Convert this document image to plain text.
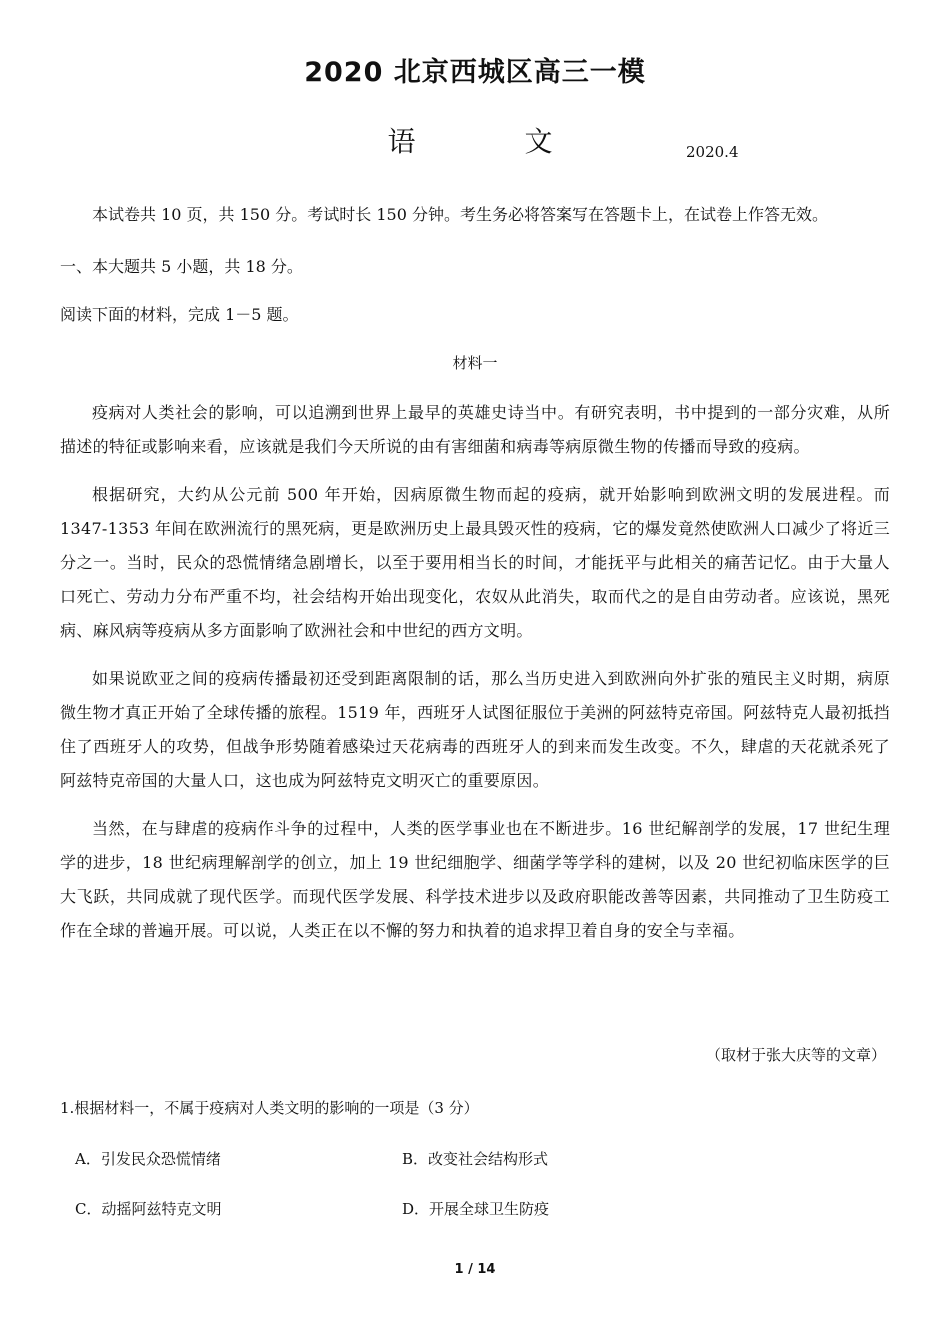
2020 北京西城区高三一模
语 文	2020.4
本试卷共 10 页，共 150 分。考试时长 150 分钟。考生务必将答案写在答题卡上，在试卷上作答无效。
一、本大题共 5 小题，共 18 分。
阅读下面的材料，完成 1－5 题。
材料一

疫病对人类社会的影响，可以追溯到世界上最早的英雄史诗当中。有研究表明，书中提到的一部分灾难，从所描述的特征或影响来看，应该就是我们今天所说的由有害细菌和病毒等病原微生物的传播而导致的疫病。

根据研究，大约从公元前 500 年开始，因病原微生物而起的疫病，就开始影响到欧洲文明的发展进程。而 1347-1353 年间在欧洲流行的黑死病，更是欧洲历史上最具毁灭性的疫病，它的爆发竟然使欧洲人口减少了将近三分之一。当时，民众的恐慌情绪急剧增长，以至于要用相当长的时间，才能抚平与此相关的痛苦记忆。由于大量人口死亡、劳动力分布严重不均，社会结构开始出现变化，农奴从此消失，取而代之的是自由劳动者。应该说，黑死病、麻风病等疫病从多方面影响了欧洲社会和中世纪的西方文明。

如果说欧亚之间的疫病传播最初还受到距离限制的话，那么当历史进入到欧洲向外扩张的殖民主义时期，病原微生物才真正开始了全球传播的旅程。1519 年，西班牙人试图征服位于美洲的阿兹特克帝国。阿兹特克人最初抵挡住了西班牙人的攻势，但战争形势随着感染过天花病毒的西班牙人的到来而发生改变。不久，肆虐的天花就杀死了阿兹特克帝国的大量人口，这也成为阿兹特克文明灭亡的重要原因。

当然，在与肆虐的疫病作斗争的过程中，人类的医学事业也在不断进步。16 世纪解剖学的发展，17 世纪生理学的进步，18 世纪病理解剖学的创立，加上 19 世纪细胞学、细菌学等学科的建树，以及 20 世纪初临床医学的巨大飞跃，共同成就了现代医学。而现代医学发展、科学技术进步以及政府职能改善等因素，共同推动了卫生防疫工作在全球的普遍开展。可以说，人类正在以不懈的努力和执着的追求捍卫着自身的安全与幸福。

（取材于张大庆等的文章）
1.根据材料一，不属于疫病对人类文明的影响的一项是（3 分）
A．引发民众恐慌情绪	B．改变社会结构形式
C．动摇阿兹特克文明	D．开展全球卫生防疫
1 / 14
